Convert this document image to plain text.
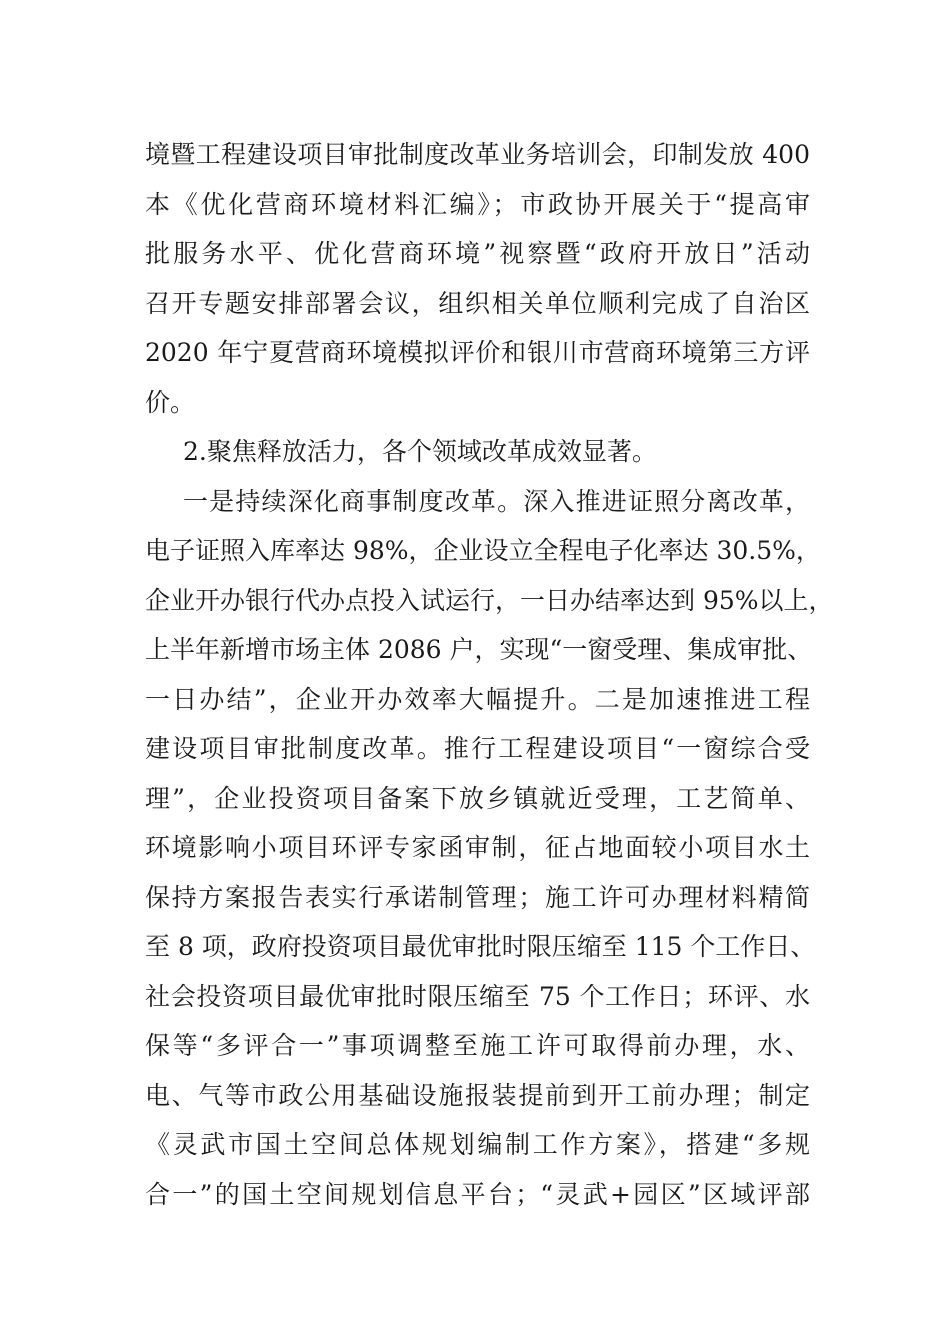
境暨工程建设项目审批制度改革业务培训会，印制发放 400
本《优化营商环境材料汇编》；市政协开展关于“提高审
批服务水平、优化营商环境”视察暨“政府开放日”活动
召开专题安排部署会议，组织相关单位顺利完成了自治区
2020 年宁夏营商环境模拟评价和银川市营商环境第三方评
价。
2.聚焦释放活力，各个领域改革成效显著。
一是持续深化商事制度改革。深入推进证照分离改革，
电子证照入库率达 98%，企业设立全程电子化率达 30.5%，
企业开办银行代办点投入试运行，一日办结率达到 95%以上，
上半年新增市场主体 2086 户，实现“一窗受理、集成审批、
一日办结”，企业开办效率大幅提升。二是加速推进工程
建设项目审批制度改革。推行工程建设项目“一窗综合受
理”，企业投资项目备案下放乡镇就近受理，工艺简单、
环境影响小项目环评专家函审制，征占地面较小项目水土
保持方案报告表实行承诺制管理；施工许可办理材料精简
至 8 项，政府投资项目最优审批时限压缩至 115 个工作日、
社会投资项目最优审批时限压缩至 75 个工作日；环评、水
保等“多评合一”事项调整至施工许可取得前办理，水、
电、气等市政公用基础设施报装提前到开工前办理；制定
《灵武市国土空间总体规划编制工作方案》，搭建“多规
合一”的国土空间规划信息平台；“灵武+园区”区域评部
